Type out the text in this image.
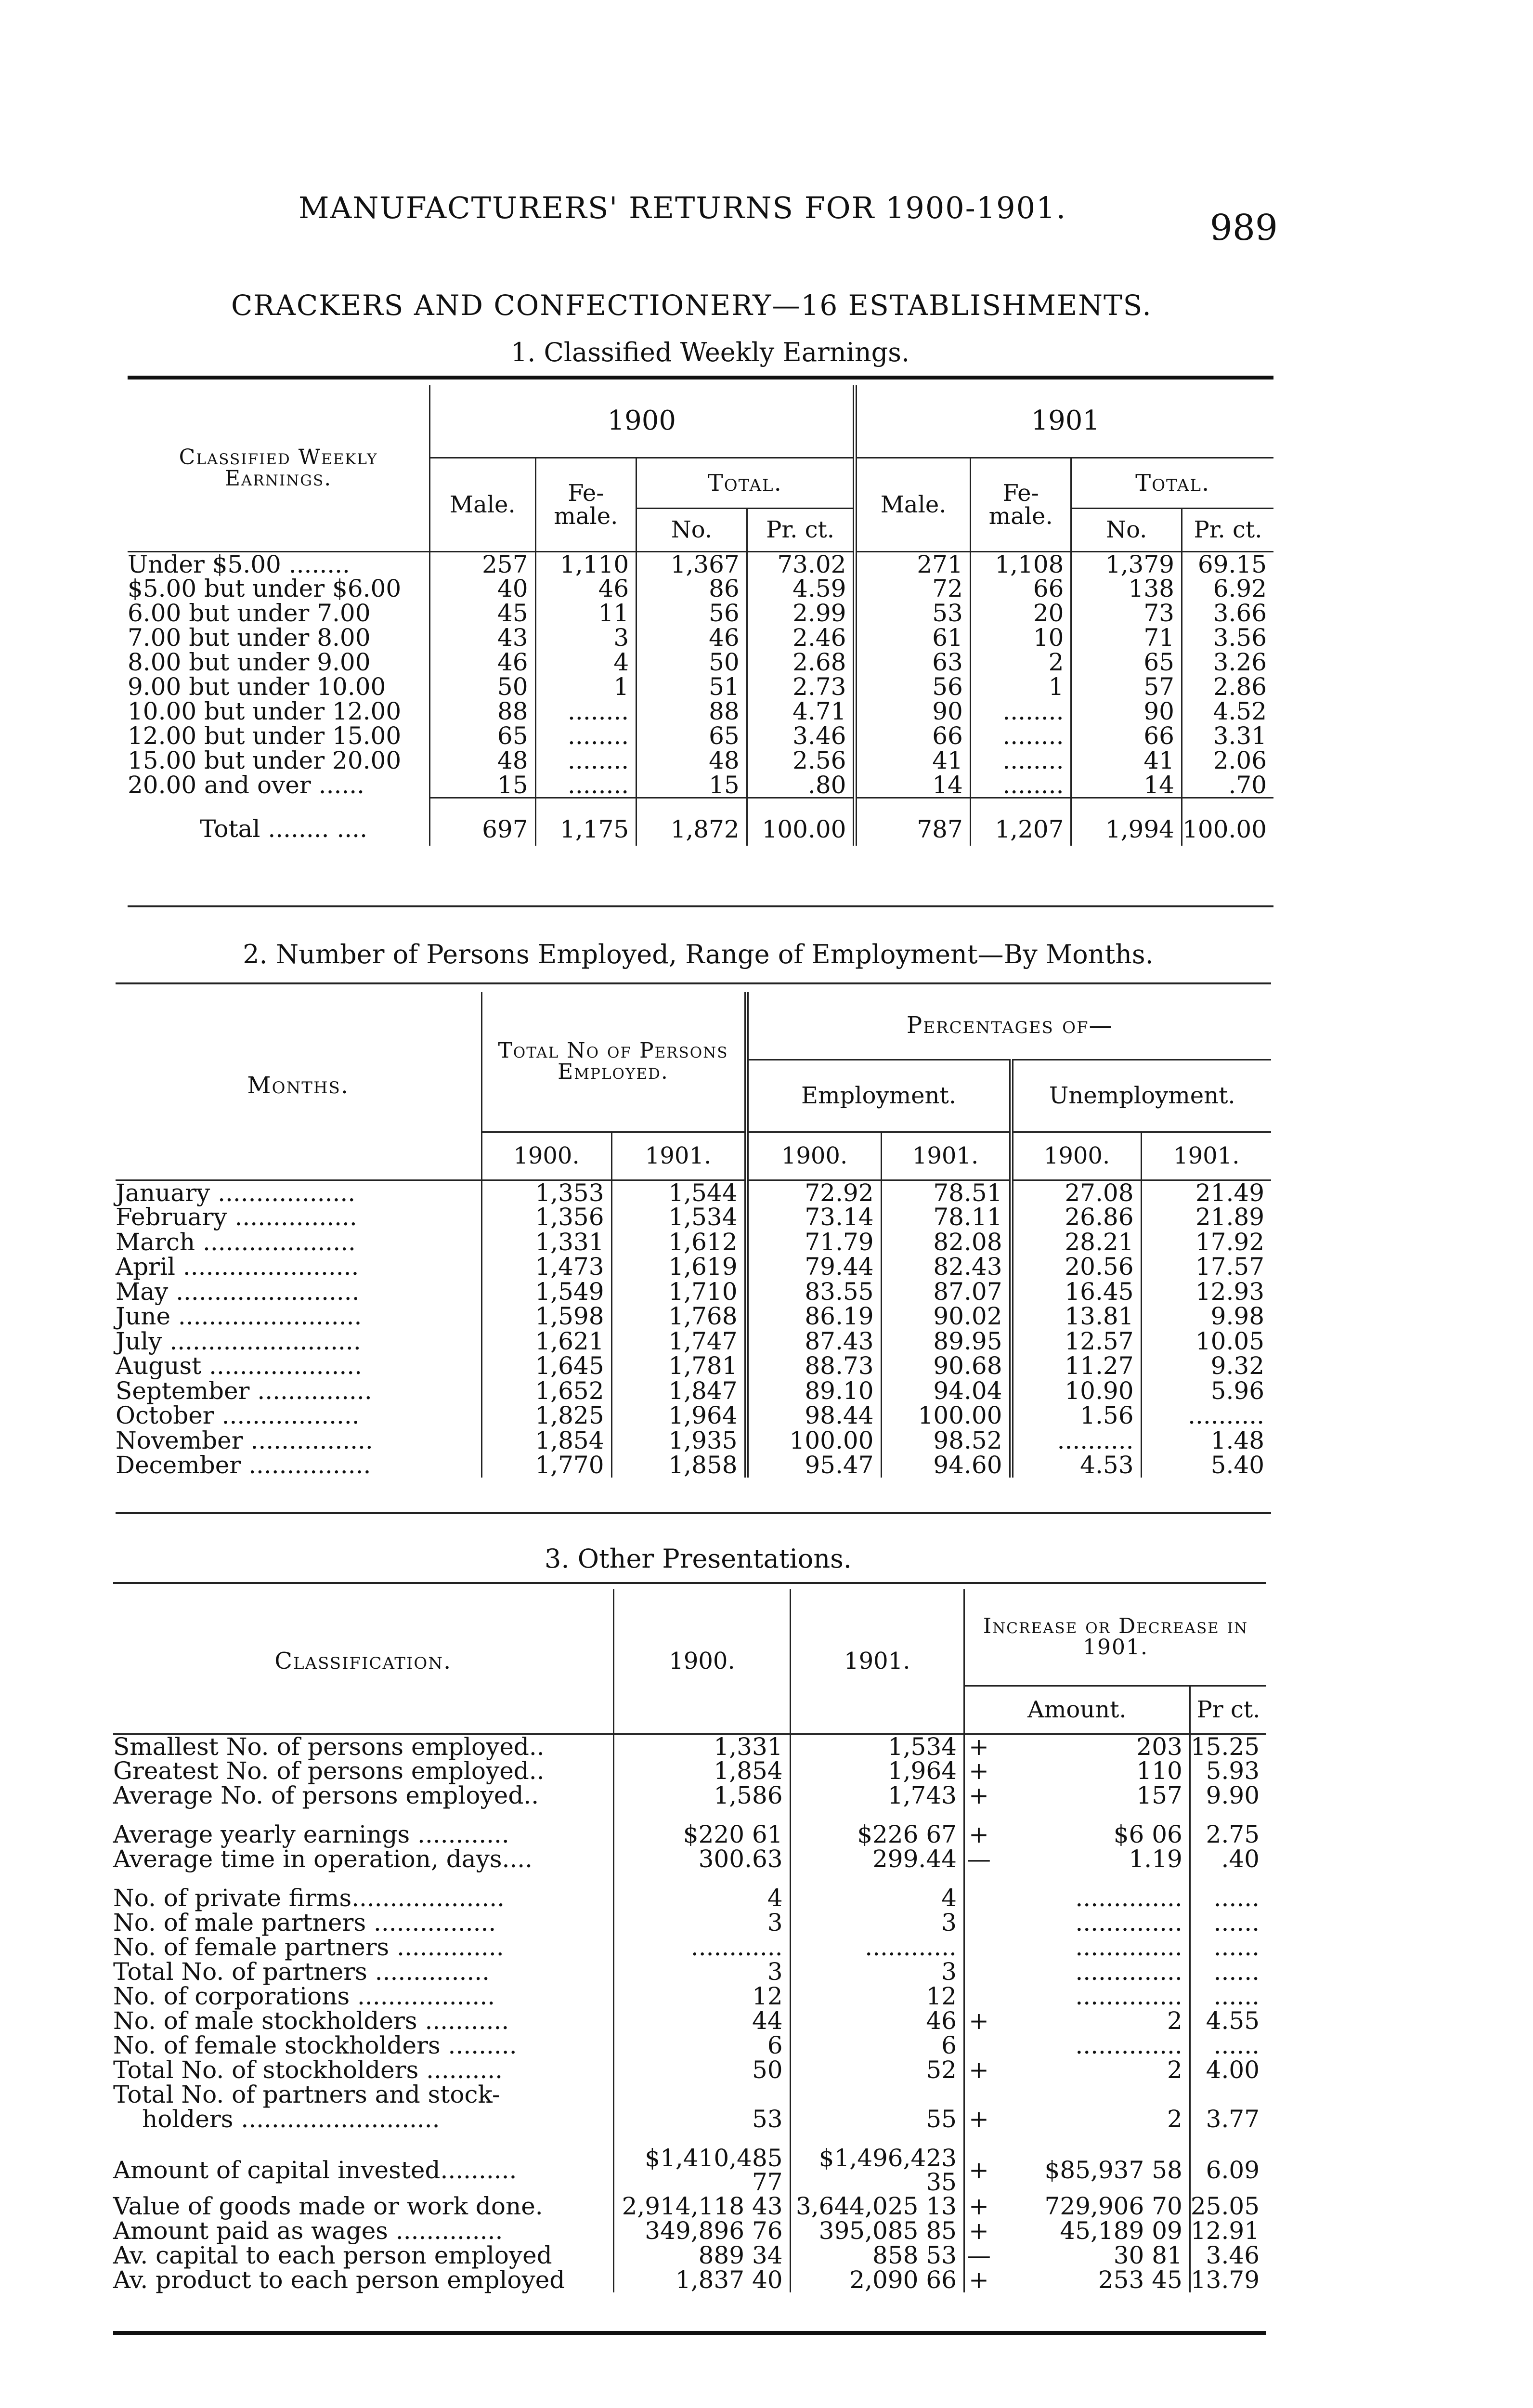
MANUFACTURERS' RETURNS FOR 1900-1901.	989
CRACKERS AND CONFECTIONERY—16 ESTABLISHMENTS.
1. Classified Weekly Earnings.
Classified Weekly Earnings.	1900				1901			
	Male.	Fe- male.	Total.		Male.	Fe- male.	Total.	
			No.	Pr. ct.			No.	Pr. ct.
Under $5.00 ........	257	1,110	1,367	73.02	271	1,108	1,379	69.15
$5.00 but under $6.00	40	46	86	4.59	72	66	138	6.92
6.00 but under 7.00	45	11	56	2.99	53	20	73	3.66
7.00 but under 8.00	43	3	46	2.46	61	10	71	3.56
8.00 but under 9.00	46	4	50	2.68	63	2	65	3.26
9.00 but under 10.00	50	1	51	2.73	56	1	57	2.86
10.00 but under 12.00	88	........	88	4.71	90	........	90	4.52
12.00 but under 15.00	65	........	65	3.46	66	........	66	3.31
15.00 but under 20.00	48	........	48	2.56	41	........	41	2.06
20.00 and over ......	15	........	15	.80	14	........	14	.70
Total ........ ....	697	1,175	1,872	100.00	787	1,207	1,994	100.00
2. Number of Persons Employed, Range of Employment—By Months.
Months.	Total No of Persons Employed.		Percentages of—			
			Employment.		Unemployment.	
	1900.	1901.	1900.	1901.	1900.	1901.
January ..................	1,353	1,544	72.92	78.51	27.08	21.49
February ................	1,356	1,534	73.14	78.11	26.86	21.89
March ....................	1,331	1,612	71.79	82.08	28.21	17.92
April .......................	1,473	1,619	79.44	82.43	20.56	17.57
May ........................	1,549	1,710	83.55	87.07	16.45	12.93
June ........................	1,598	1,768	86.19	90.02	13.81	9.98
July .........................	1,621	1,747	87.43	89.95	12.57	10.05
August ....................	1,645	1,781	88.73	90.68	11.27	9.32
September ...............	1,652	1,847	89.10	94.04	10.90	5.96
October ..................	1,825	1,964	98.44	100.00	1.56	..........
November ................	1,854	1,935	100.00	98.52	..........	1.48
December ................	1,770	1,858	95.47	94.60	4.53	5.40
3. Other Presentations.
Classification.	1900.	1901.	Increase or Decrease in 1901.		
			Amount.		Pr ct.
Smallest No. of persons employed..	1,331	1,534	+	203	15.25
Greatest No. of persons employed..	1,854	1,964	+	110	5.93
Average No. of persons employed..	1,586	1,743	+	157	9.90

Average yearly earnings ............	$220 61	$226 67	+	$6 06	2.75
Average time in operation, days....	300.63	299.44	—	1.19	.40

No. of private firms....................	4	4		..............	......
No. of male partners ................	3	3		..............	......
No. of female partners ..............	............	............		..............	......
Total No. of partners ...............	3	3		..............	......
No. of corporations ..................	12	12		..............	......
No. of male stockholders ...........	44	46	+	2	4.55
No. of female stockholders .........	6	6		..............	......
Total No. of stockholders ..........	50	52	+	2	4.00
Total No. of partners and stock-					
holders ..........................	53	55	+	2	3.77

Amount of capital invested..........	$1,410,485 77	$1,496,423 35	+	$85,937 58	6.09
Value of goods made or work done.	2,914,118 43	3,644,025 13	+	729,906 70	25.05
Amount paid as wages ..............	349,896 76	395,085 85	+	45,189 09	12.91
Av. capital to each person employed	889 34	858 53	—	30 81	3.46
Av. product to each person employed	1,837 40	2,090 66	+	253 45	13.79
